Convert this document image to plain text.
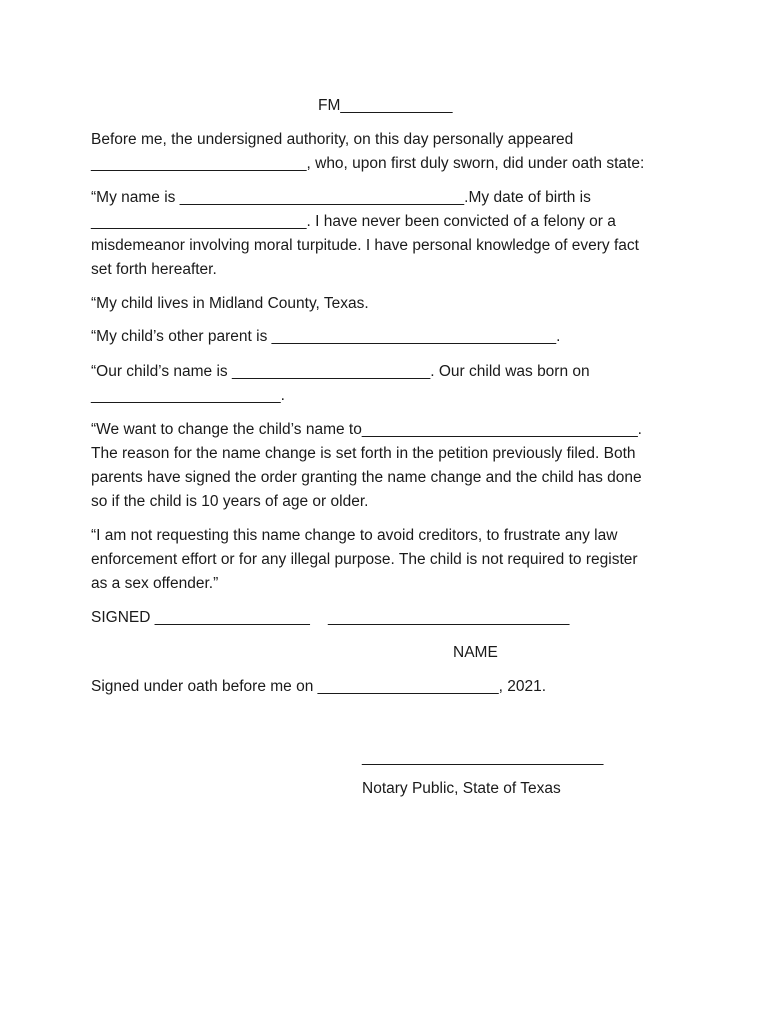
FM_____________
Before me, the undersigned authority, on this day personally appeared
_________________________, who, upon first duly sworn, did under oath state:
“My name is _________________________________.My date of birth is
_________________________. I have never been convicted of a felony or a
misdemeanor involving moral turpitude. I have personal knowledge of every fact
set forth hereafter.
“My child lives in Midland County, Texas.
“My child’s other parent is _________________________________.
“Our child’s name is _______________________. Our child was born on
______________________.
“We want to change the child’s name to________________________________.
The reason for the name change is set forth in the petition previously filed. Both
parents have signed the order granting the name change and the child has done
so if the child is 10 years of age or older.
“I am not requesting this name change to avoid creditors, to frustrate any law
enforcement effort or for any illegal purpose. The child is not required to register
as a sex offender.”
SIGNED __________________ ____________________________
NAME
Signed under oath before me on _____________________, 2021.
____________________________
Notary Public, State of Texas
